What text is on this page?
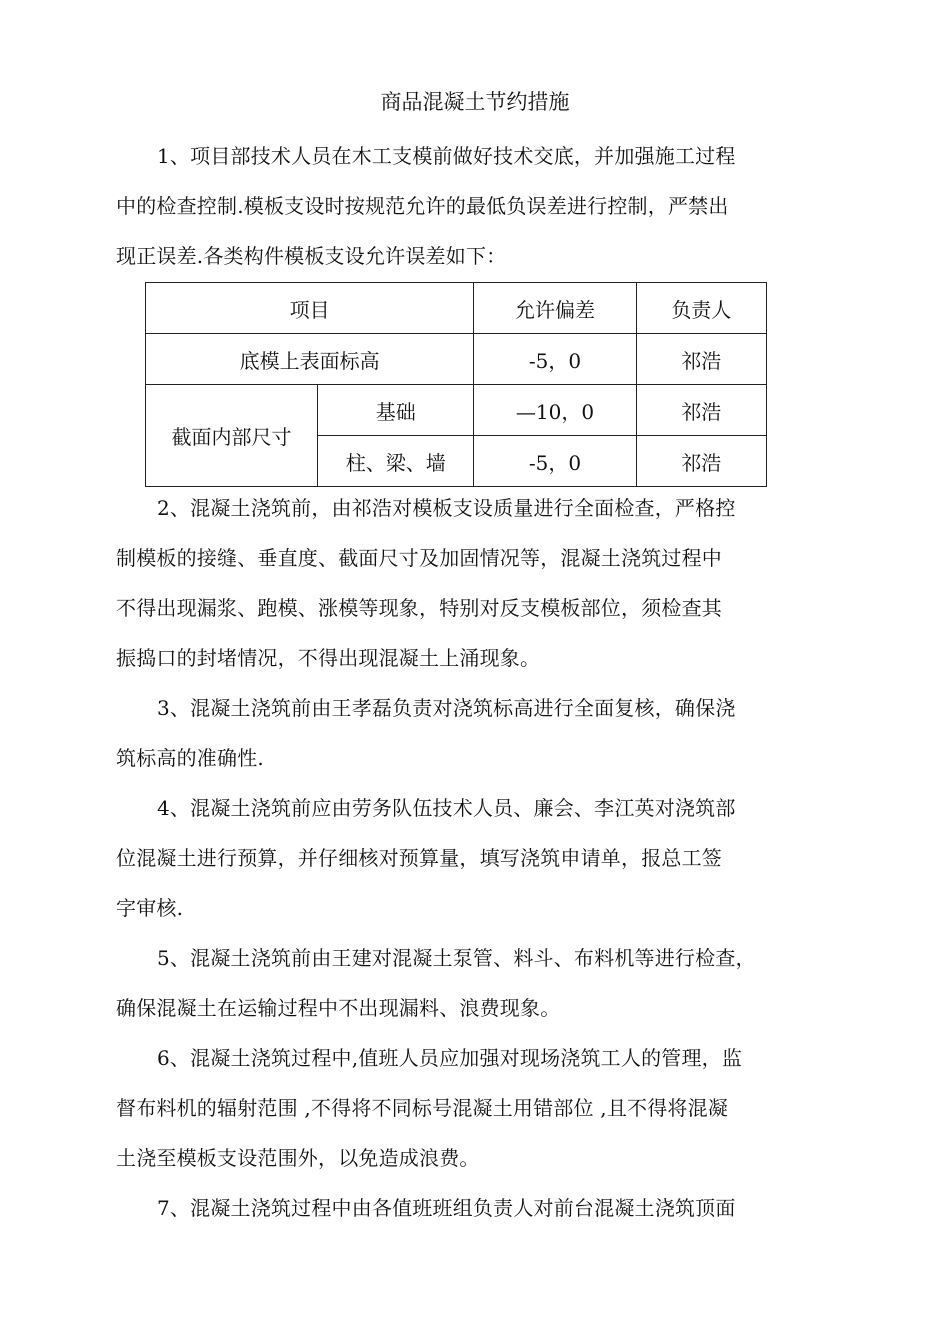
商品混凝土节约措施
1、项目部技术人员在木工支模前做好技术交底，并加强施工过程
中的检查控制.模板支设时按规范允许的最低负误差进行控制，严禁出
现正误差.各类构件模板支设允许误差如下：
项目		允许偏差	负责人
底模上表面标高		-5，0	祁浩
截面内部尺寸	基础	—10，0	祁浩
	柱、梁、墙	-5，0	祁浩
2、混凝土浇筑前，由祁浩对模板支设质量进行全面检查，严格控
制模板的接缝、垂直度、截面尺寸及加固情况等，混凝土浇筑过程中
不得出现漏浆、跑模、涨模等现象，特别对反支模板部位，须检查其
振捣口的封堵情况，不得出现混凝土上涌现象。
3、混凝土浇筑前由王孝磊负责对浇筑标高进行全面复核，确保浇
筑标高的准确性.
4、混凝土浇筑前应由劳务队伍技术人员、廉会、李江英对浇筑部
位混凝土进行预算，并仔细核对预算量，填写浇筑申请单，报总工签
字审核.
5、混凝土浇筑前由王建对混凝土泵管、料斗、布料机等进行检查，
确保混凝土在运输过程中不出现漏料、浪费现象。
6、混凝土浇筑过程中,值班人员应加强对现场浇筑工人的管理，监
督布料机的辐射范围 ,不得将不同标号混凝土用错部位 ,且不得将混凝
土浇至模板支设范围外，以免造成浪费。
7、混凝土浇筑过程中由各值班班组负责人对前台混凝土浇筑顶面
